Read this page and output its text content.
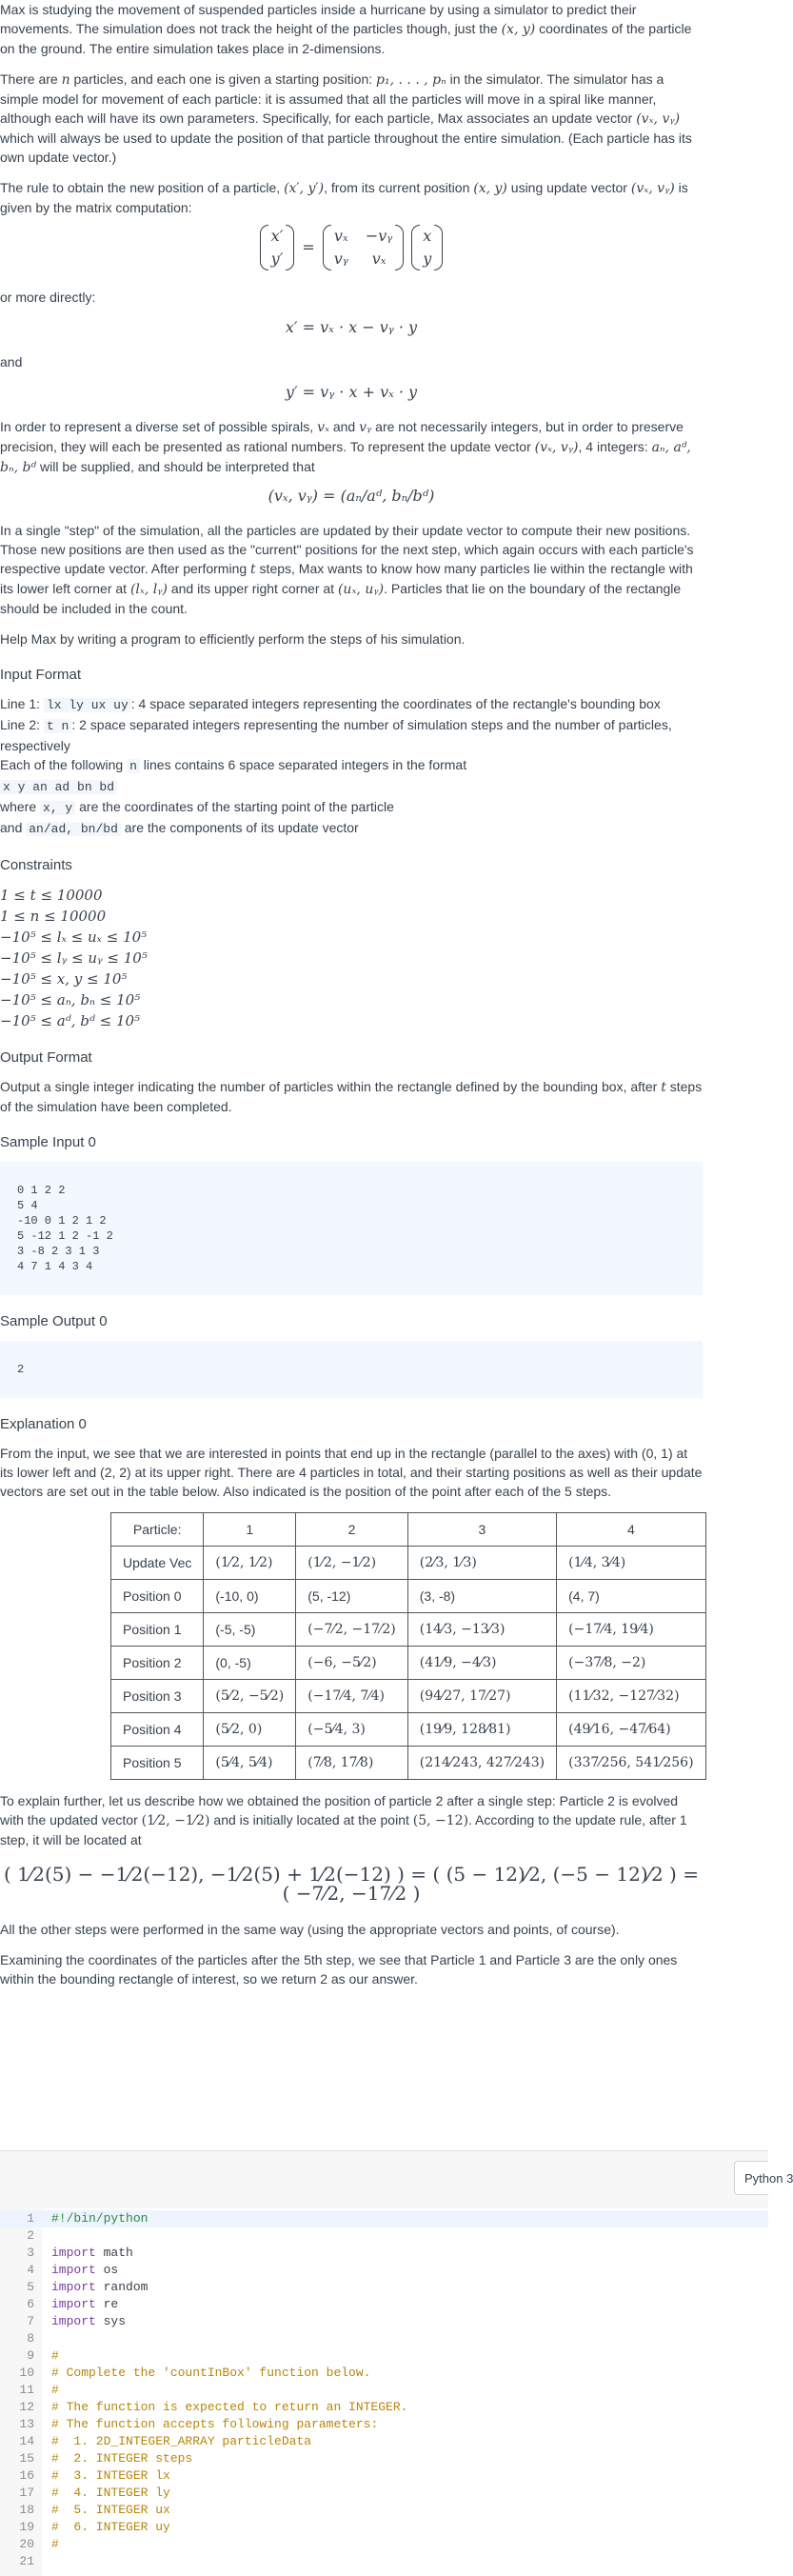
Max is studying the movement of suspended particles inside a hurricane by using a simulator to predict their movements. The simulation does not track the height of the particles though, just the (x, y) coordinates of the particle on the ground. The entire simulation takes place in 2-dimensions.

There are n particles, and each one is given a starting position: p₁, . . . , pₙ in the simulator. The simulator has a simple model for movement of each particle: it is assumed that all the particles will move in a spiral like manner, although each will have its own parameters. Specifically, for each particle, Max associates an update vector (vₓ, vᵧ) which will always be used to update the position of that particle throughout the entire simulation. (Each particle has its own update vector.)

The rule to obtain the new position of a particle, (x′, y′), from its current position (x, y) using update vector (vₓ, vᵧ) is given by the matrix computation:

x′
y′
=
vₓ −vᵧ
vᵧ	vₓ
x
y

or more directly:

x′ = vₓ · x − vᵧ · y

and

y′ = vᵧ · x + vₓ · y

In order to represent a diverse set of possible spirals, vₓ and vᵧ are not necessarily integers, but in order to preserve precision, they will each be presented as rational numbers. To represent the update vector (vₓ, vᵧ), 4 integers: aₙ, aᵈ, bₙ, bᵈ will be supplied, and should be interpreted that

(vₓ, vᵧ) = (aₙ/aᵈ, bₙ/bᵈ)

In a single "step" of the simulation, all the particles are updated by their update vector to compute their new positions. Those new positions are then used as the "current" positions for the next step, which again occurs with each particle's respective update vector. After performing t steps, Max wants to know how many particles lie within the rectangle with its lower left corner at (lₓ, lᵧ) and its upper right corner at (uₓ, uᵧ). Particles that lie on the boundary of the rectangle should be included in the count.

Help Max by writing a program to efficiently perform the steps of his simulation.

Input Format
Line 1: lx ly ux uy : 4 space separated integers representing the coordinates of the rectangle's bounding box
Line 2: t n : 2 space separated integers representing the number of simulation steps and the number of particles, respectively
Each of the following n lines contains 6 space separated integers in the format
x y an ad bn bd
where x, y are the coordinates of the starting point of the particle
and an/ad, bn/bd are the components of its update vector
Constraints
1 ≤ t ≤ 10000
1 ≤ n ≤ 10000
−10⁵ ≤ lₓ ≤ uₓ ≤ 10⁵
−10⁵ ≤ lᵧ ≤ uᵧ ≤ 10⁵
−10⁵ ≤ x, y ≤ 10⁵
−10⁵ ≤ aₙ, bₙ ≤ 10⁵
−10⁵ ≤ aᵈ, bᵈ ≤ 10⁵
Output Format

Output a single integer indicating the number of particles within the rectangle defined by the bounding box, after t steps of the simulation have been completed.

Sample Input 0
0 1 2 2
5 4
-10 0 1 2 1 2
5 -12 1 2 -1 2
3 -8 2 3 1 3
4 7 1 4 3 4
Sample Output 0
2
Explanation 0

From the input, we see that we are interested in points that end up in the rectangle (parallel to the axes) with (0, 1) at its lower left and (2, 2) at its upper right. There are 4 particles in total, and their starting positions as well as their update vectors are set out in the table below. Also indicated is the position of the point after each of the 5 steps.

Particle:	1	2	3	4
Update Vec	(1⁄2, 1⁄2)	(1⁄2, −1⁄2)	(2⁄3, 1⁄3)	(1⁄4, 3⁄4)
Position 0	(-10, 0)	(5, -12)	(3, -8)	(4, 7)
Position 1	(-5, -5)	(−7⁄2, −17⁄2)	(14⁄3, −13⁄3)	(−17⁄4, 19⁄4)
Position 2	(0, -5)	(−6, −5⁄2)	(41⁄9, −4⁄3)	(−37⁄8, −2)
Position 3	(5⁄2, −5⁄2)	(−17⁄4, 7⁄4)	(94⁄27, 17⁄27)	(11⁄32, −127⁄32)
Position 4	(5⁄2, 0)	(−5⁄4, 3)	(19⁄9, 128⁄81)	(49⁄16, −47⁄64)
Position 5	(5⁄4, 5⁄4)	(7⁄8, 17⁄8)	(214⁄243, 427⁄243)	(337⁄256, 541⁄256)

To explain further, let us describe how we obtained the position of particle 2 after a single step: Particle 2 is evolved with the updated vector (1⁄2, −1⁄2) and is initially located at the point (5, −12). According to the update rule, after 1 step, it will be located at

( 1⁄2(5) − −1⁄2(−12), −1⁄2(5) + 1⁄2(−12) ) = ( (5 − 12)⁄2, (−5 − 12)⁄2 ) = ( −7⁄2, −17⁄2 )

All the other steps were performed in the same way (using the appropriate vectors and points, of course).

Examining the coordinates of the particles after the 5th step, we see that Particle 1 and Particle 3 are the only ones within the bounding rectangle of interest, so we return 2 as our answer.

Python 3
1 #!/bin/python
2
3 import math
4 import os
5 import random
6 import re
7 import sys
8
9 #
10 # Complete the 'countInBox' function below.
11 #
12 # The function is expected to return an INTEGER.
13 # The function accepts following parameters:
14 #  1. 2D_INTEGER_ARRAY particleData
15 #  2. INTEGER steps
16 #  3. INTEGER lx
17 #  4. INTEGER ly
18 #  5. INTEGER ux
19 #  6. INTEGER uy
20 #
21
